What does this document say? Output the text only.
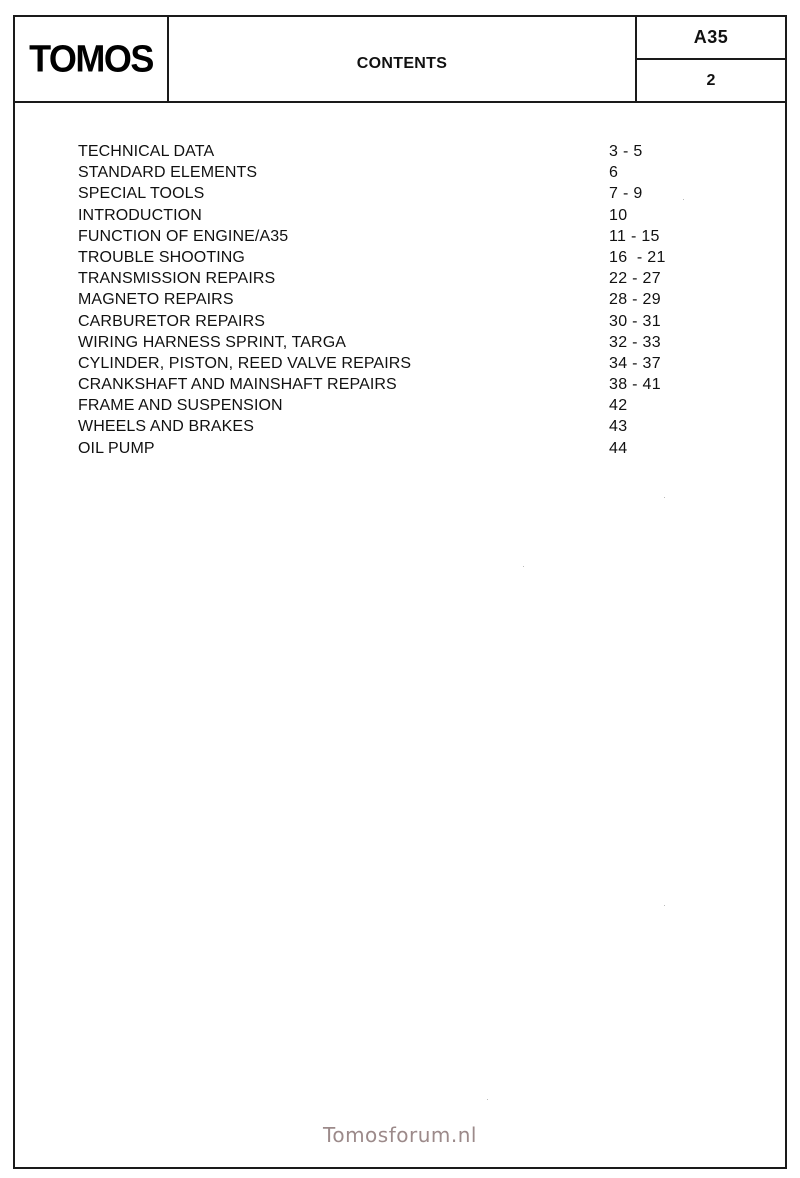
TOMOS	CONTENTS
A35
2
TECHNICAL DATA	3 - 5
STANDARD ELEMENTS	6
SPECIAL TOOLS	7 - 9
INTRODUCTION	10
FUNCTION OF ENGINE/A35	11 - 15
TROUBLE SHOOTING	16  - 21
TRANSMISSION REPAIRS	22 - 27
MAGNETO REPAIRS	28 - 29
CARBURETOR REPAIRS	30 - 31
WIRING HARNESS SPRINT, TARGA	32 - 33
CYLINDER, PISTON, REED VALVE REPAIRS	34 - 37
CRANKSHAFT AND MAINSHAFT REPAIRS	38 - 41
FRAME AND SUSPENSION	42
WHEELS AND BRAKES	43
OIL PUMP	44
Tomosforum.nl
